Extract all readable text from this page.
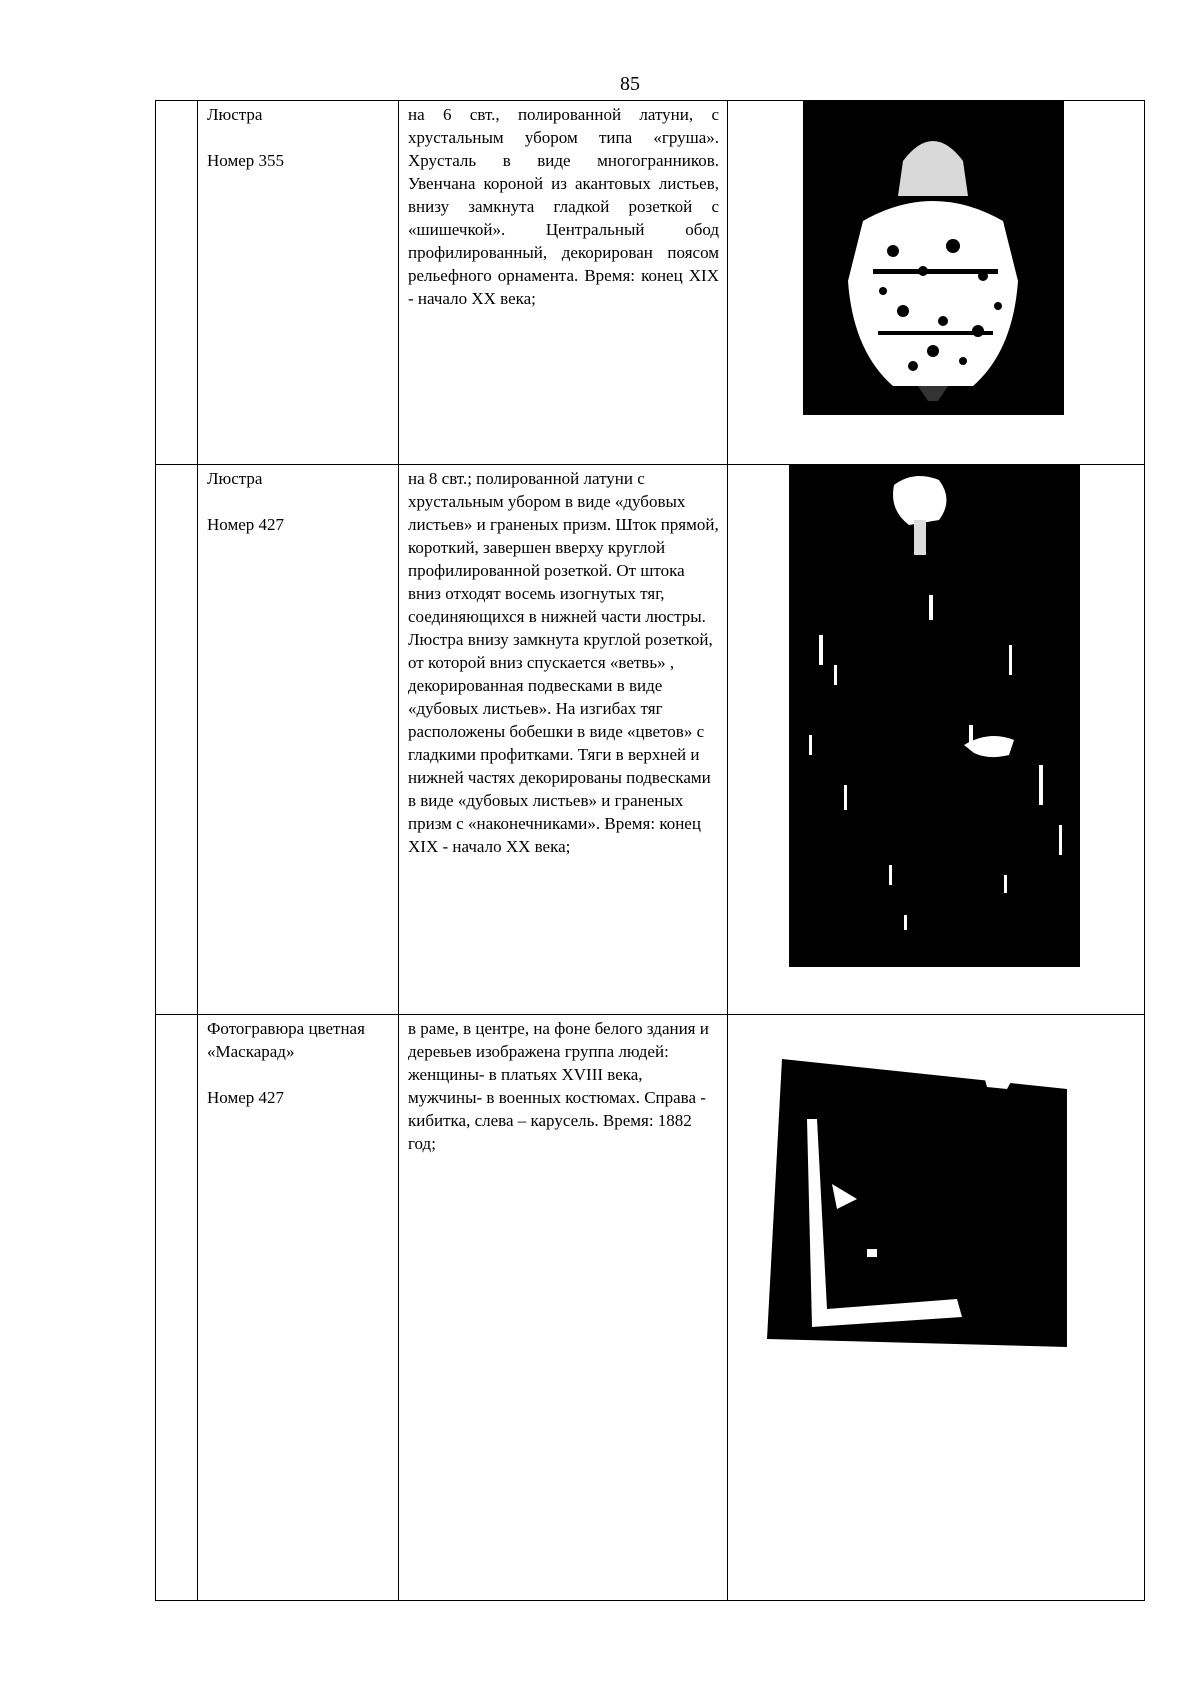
85

	Люстра
Номер 355	на 6 свт., полированной латуни, с хрустальным убором типа «груша». Хрусталь в виде многогранников. Увенчана короной из акантовых листьев, внизу замкнута гладкой розеткой с «шишечкой». Центральный обод профилированный, декорирован поясом рельефного орнамента. Время: конец XIX - начало XX века;

	Люстра
Номер 427	на 8 свт.; полированной латуни с хрустальным убором в виде «дубовых листьев» и граненых призм. Шток прямой, короткий, завершен вверху круглой профилированной розеткой. От штока вниз отходят восемь изогнутых тяг, соединяющихся в нижней части люстры. Люстра внизу замкнута круглой розеткой, от которой вниз спускается «ветвь» , декорированная подвесками в виде «дубовых листьев». На изгибах тяг расположены бобешки в виде «цветов» с гладкими профитками. Тяги в верхней и нижней частях декорированы подвесками в виде «дубовых листьев» и граненых призм с «наконечниками». Время: конец XIX - начало XX века;

	Фотогравюра цветная «Маскарад»
Номер 427	в раме, в центре, на фоне белого здания и деревьев изображена группа людей: женщины- в платьях XVIII века, мужчины- в военных костюмах. Справа - кибитка, слева – карусель. Время: 1882 год;
